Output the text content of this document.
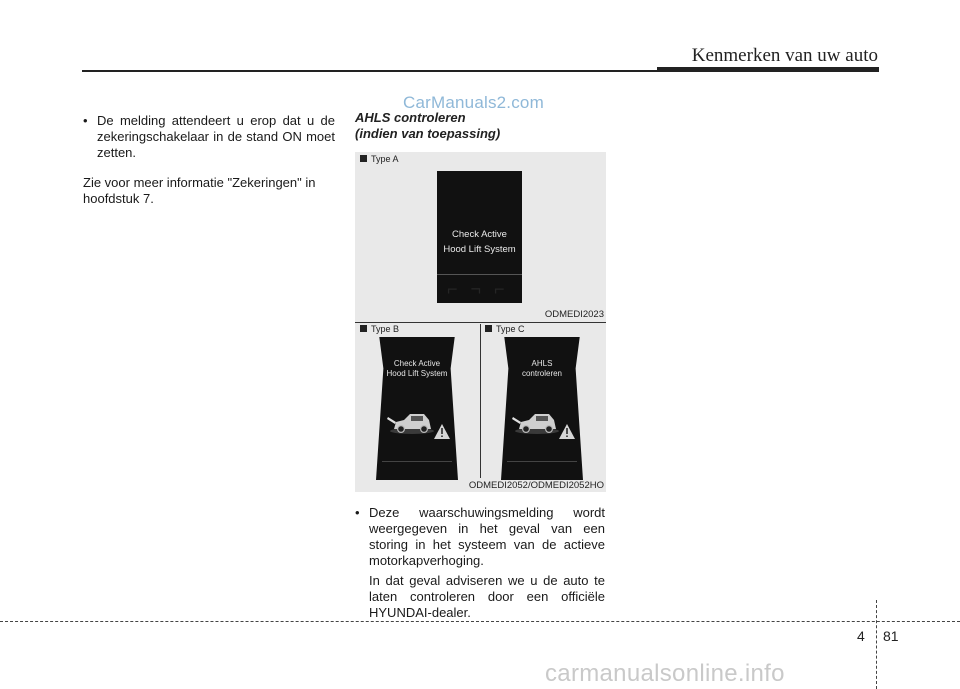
Kenmerken van uw auto
CarManuals2.com
• De melding attendeert u erop dat u de zekeringschakelaar in de stand ON moet zetten.
Zie voor meer informatie "Zekeringen" in hoofdstuk 7.
AHLS controleren
(indien van toepassing)
Type A
Check Active
Hood Lift System
⌐ ¬ ⌐
ODMEDI2023
Type B	Type C
Check Active
Hood Lift System
AHLS
controleren
ODMEDI2052/ODMEDI2052HO
• Deze waarschuwingsmelding wordt weergegeven in het geval van een storing in het systeem van de actieve motorkapverhoging.
In dat geval adviseren we u de auto te laten controleren door een officiële HYUNDAI-dealer.
4 81
carmanualsonline.info
